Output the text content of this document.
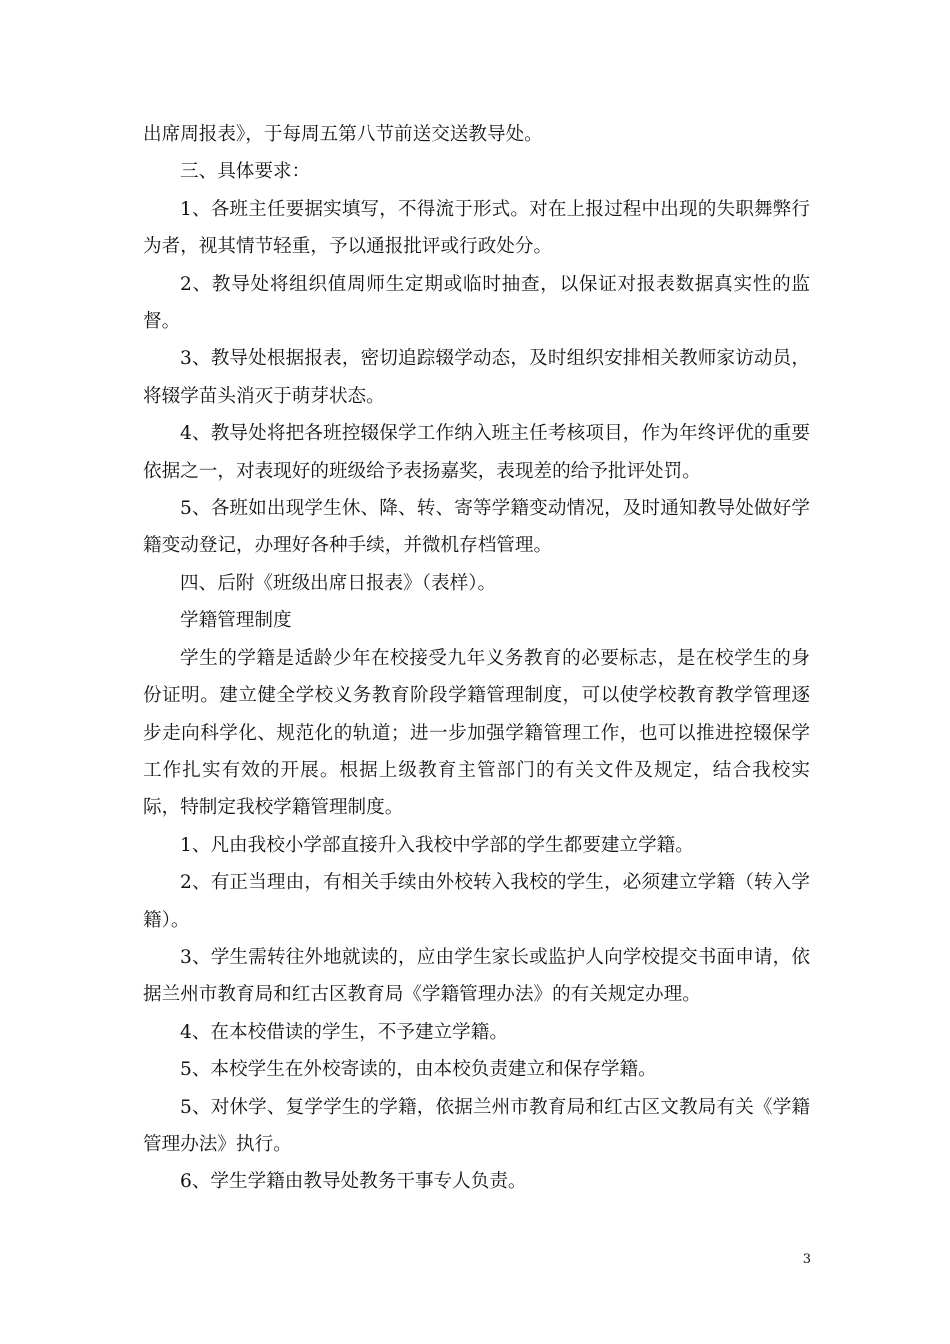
出席周报表》，于每周五第八节前送交送教导处。

三、具体要求：

1、各班主任要据实填写，不得流于形式。对在上报过程中出现的失职舞弊行为者，视其情节轻重，予以通报批评或行政处分。

2、教导处将组织值周师生定期或临时抽查，以保证对报表数据真实性的监督。

3、教导处根据报表，密切追踪辍学动态，及时组织安排相关教师家访动员，将辍学苗头消灭于萌芽状态。

4、教导处将把各班控辍保学工作纳入班主任考核项目，作为年终评优的重要依据之一，对表现好的班级给予表扬嘉奖，表现差的给予批评处罚。

5、各班如出现学生休、降、转、寄等学籍变动情况，及时通知教导处做好学籍变动登记，办理好各种手续，并微机存档管理。

四、后附《班级出席日报表》（表样）。

学籍管理制度

学生的学籍是适龄少年在校接受九年义务教育的必要标志，是在校学生的身份证明。建立健全学校义务教育阶段学籍管理制度，可以使学校教育教学管理逐步走向科学化、规范化的轨道；进一步加强学籍管理工作，也可以推进控辍保学工作扎实有效的开展。根据上级教育主管部门的有关文件及规定，结合我校实际，特制定我校学籍管理制度。

1、凡由我校小学部直接升入我校中学部的学生都要建立学籍。

2、有正当理由，有相关手续由外校转入我校的学生，必须建立学籍（转入学籍）。

3、学生需转往外地就读的，应由学生家长或监护人向学校提交书面申请，依据兰州市教育局和红古区教育局《学籍管理办法》的有关规定办理。

4、在本校借读的学生，不予建立学籍。

5、本校学生在外校寄读的，由本校负责建立和保存学籍。

5、对休学、复学学生的学籍，依据兰州市教育局和红古区文教局有关《学籍管理办法》执行。

6、学生学籍由教导处教务干事专人负责。

3
